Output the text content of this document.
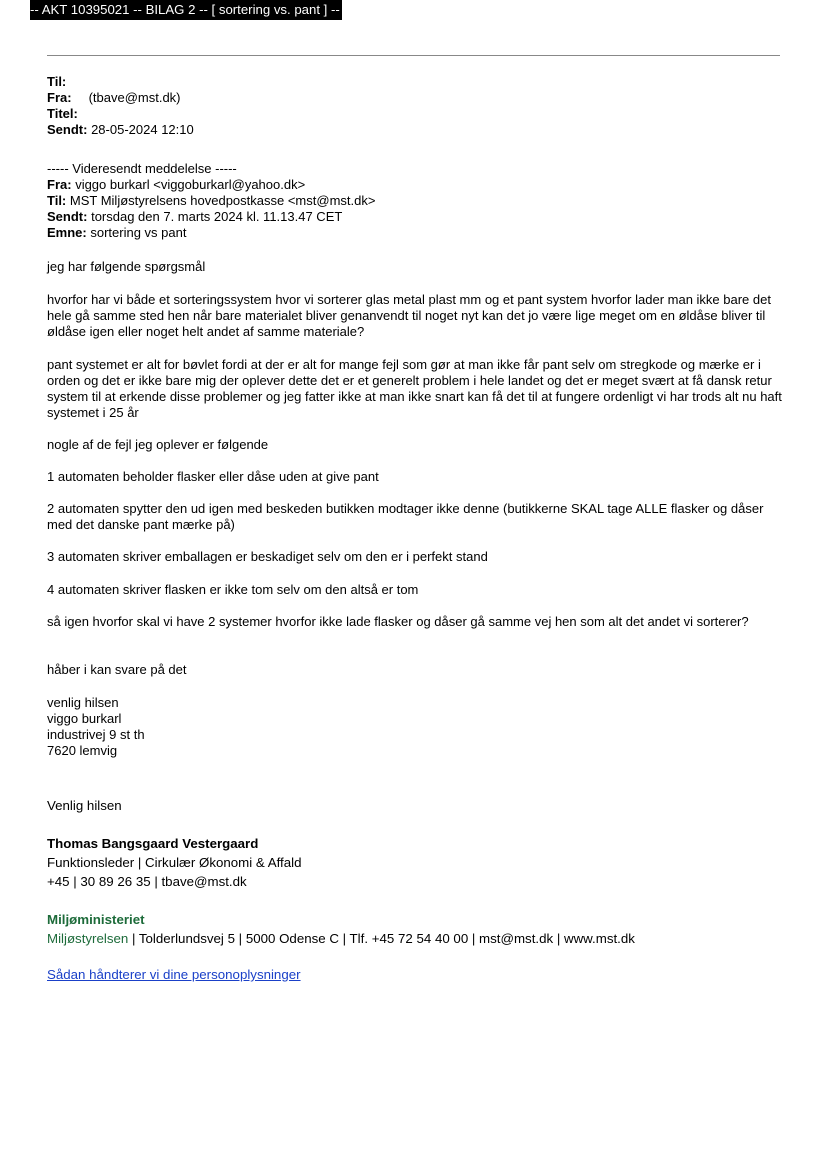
-- AKT 10395021 -- BILAG 2 -- [ sortering vs. pant ] --
Til:
Fra: (tbave@mst.dk)
Titel:
Sendt: 28-05-2024 12:10
----- Videresendt meddelelse -----
Fra: viggo burkarl <viggoburkarl@yahoo.dk>
Til: MST Miljøstyrelsens hovedpostkasse <mst@mst.dk>
Sendt: torsdag den 7. marts 2024 kl. 11.13.47 CET
Emne: sortering vs pant

jeg har følgende spørgsmål

hvorfor har vi både et sorteringssystem hvor vi sorterer glas metal plast mm og et pant system hvorfor lader man ikke bare det hele gå samme sted hen når bare materialet bliver genanvendt til noget nyt kan det jo være lige meget om en øldåse bliver til øldåse igen eller noget helt andet af samme materiale?

pant systemet er alt for bøvlet fordi at der er alt for mange fejl som gør at man ikke får pant selv om stregkode og mærke er i orden og det er ikke bare mig der oplever dette det er et generelt problem i hele landet og det er meget svært at få dansk retur system til at erkende disse problemer og jeg fatter ikke at man ikke snart kan få det til at fungere ordenligt vi har trods alt nu haft systemet i 25 år

nogle af de fejl jeg oplever er følgende

1 automaten beholder flasker eller dåse uden at give pant

2 automaten spytter den ud igen med beskeden butikken modtager ikke denne (butikkerne SKAL tage ALLE flasker og dåser med det danske pant mærke på)

3 automaten skriver emballagen er beskadiget selv om den er i perfekt stand

4 automaten skriver flasken er ikke tom selv om den altså er tom

så igen hvorfor skal vi have 2 systemer hvorfor ikke lade flasker og dåser gå samme vej hen som alt det andet vi sorterer?

håber i kan svare på det

venlig hilsen
viggo burkarl
industrivej 9 st th
7620 lemvig
Venlig hilsen
Thomas Bangsgaard Vestergaard
Funktionsleder | Cirkulær Økonomi & Affald
+45 | 30 89 26 35 | tbave@mst.dk
Miljøministeriet
Miljøstyrelsen | Tolderlundsvej 5 | 5000 Odense C | Tlf. +45 72 54 40 00 | mst@mst.dk | www.mst.dk
Sådan håndterer vi dine personoplysninger
